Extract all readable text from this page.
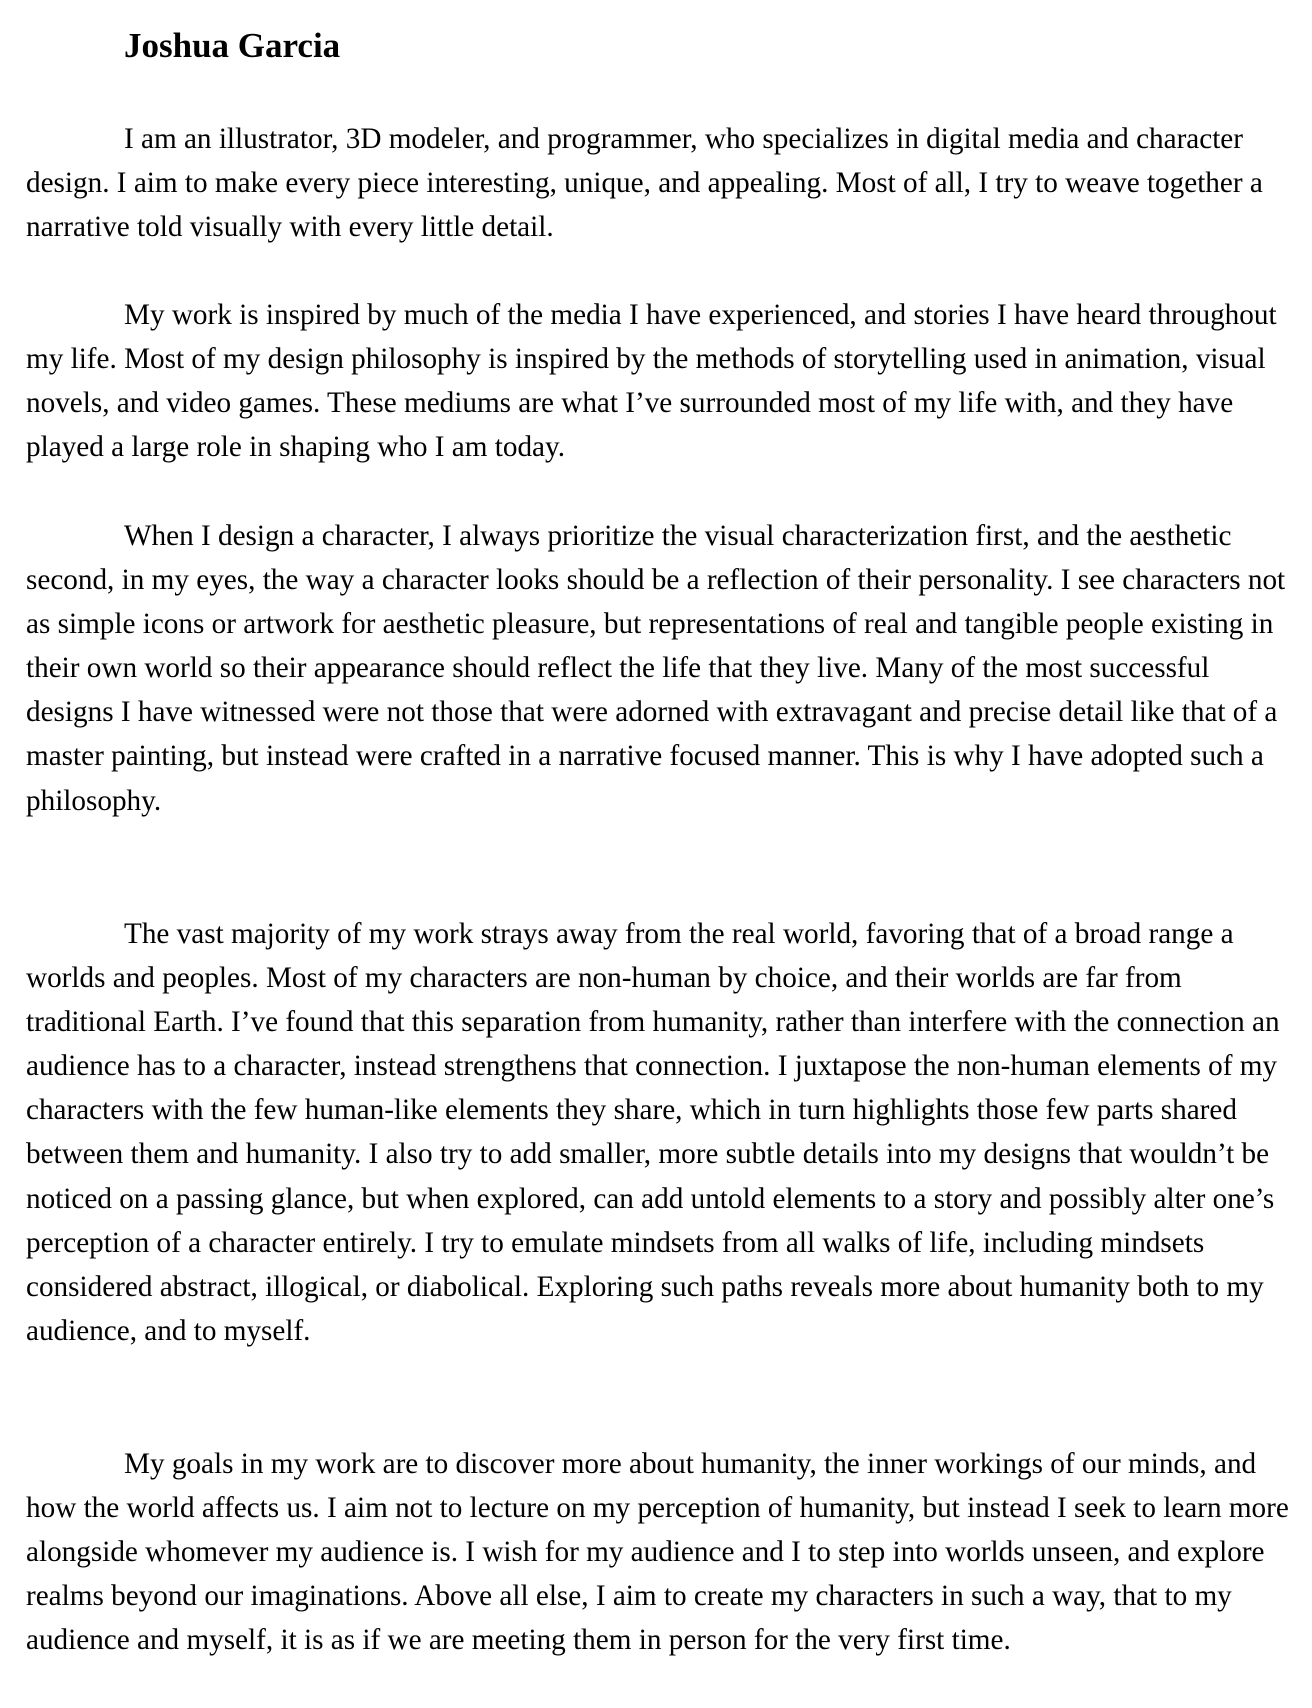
Joshua Garcia

I am an illustrator, 3D modeler, and programmer, who specializes in digital media and character design. I aim to make every piece interesting, unique, and appealing. Most of all, I try to weave together a narrative told visually with every little detail.

My work is inspired by much of the media I have experienced, and stories I have heard throughout my life. Most of my design philosophy is inspired by the methods of storytelling used in animation, visual novels, and video games. These mediums are what I’ve surrounded most of my life with, and they have played a large role in shaping who I am today.

When I design a character, I always prioritize the visual characterization first, and the aesthetic second, in my eyes, the way a character looks should be a reflection of their personality. I see characters not as simple icons or artwork for aesthetic pleasure, but representations of real and tangible people existing in their own world so their appearance should reflect the life that they live. Many of the most successful designs I have witnessed were not those that were adorned with extravagant and precise detail like that of a master painting, but instead were crafted in a narrative focused manner. This is why I have adopted such a philosophy.

The vast majority of my work strays away from the real world, favoring that of a broad range a worlds and peoples. Most of my characters are non-human by choice, and their worlds are far from traditional Earth. I’ve found that this separation from humanity, rather than interfere with the connection an audience has to a character, instead strengthens that connection. I juxtapose the non-human elements of my characters with the few human-like elements they share, which in turn highlights those few parts shared between them and humanity. I also try to add smaller, more subtle details into my designs that wouldn’t be noticed on a passing glance, but when explored, can add untold elements to a story and possibly alter one’s perception of a character entirely. I try to emulate mindsets from all walks of life, including mindsets considered abstract, illogical, or diabolical. Exploring such paths reveals more about humanity both to my audience, and to myself.

My goals in my work are to discover more about humanity, the inner workings of our minds, and how the world affects us. I aim not to lecture on my perception of humanity, but instead I seek to learn more alongside whomever my audience is. I wish for my audience and I to step into worlds unseen, and explore realms beyond our imaginations. Above all else, I aim to create my characters in such a way, that to my audience and myself, it is as if we are meeting them in person for the very first time.
